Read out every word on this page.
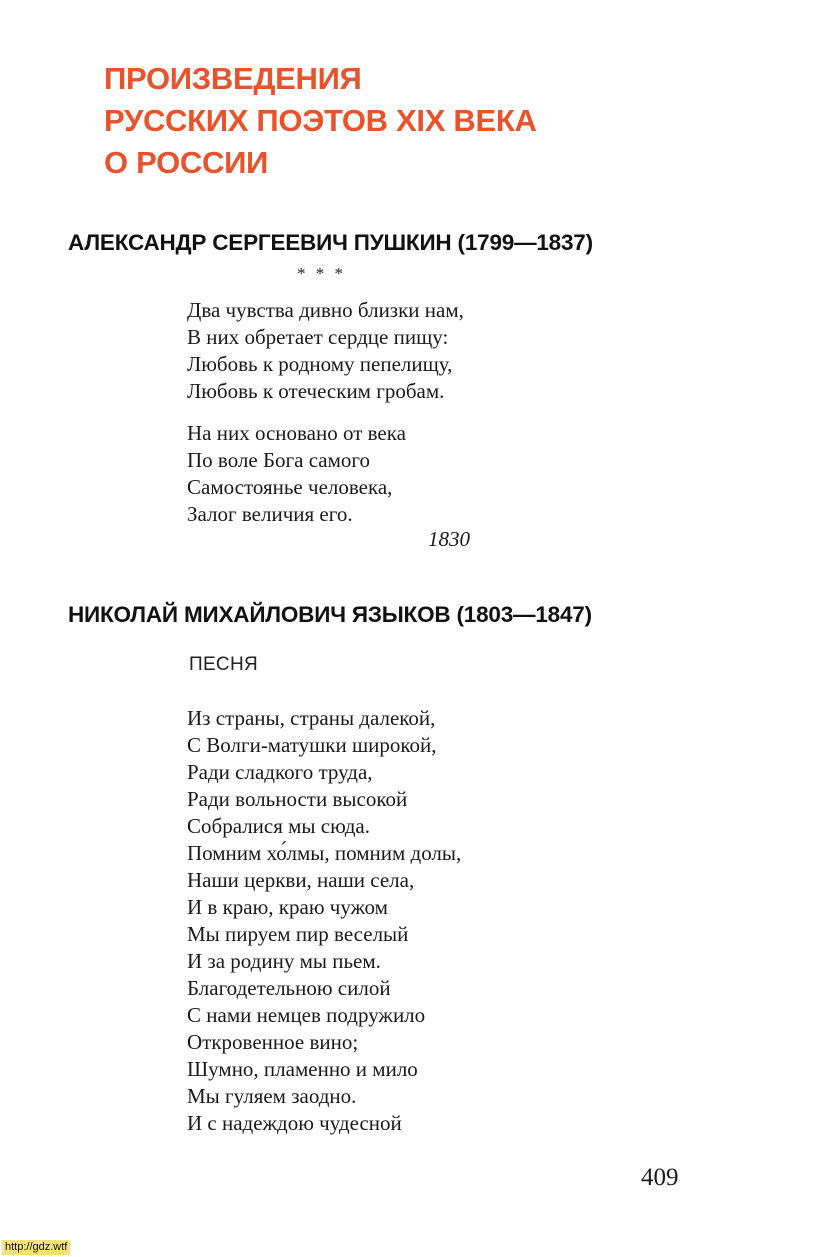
ПРОИЗВЕДЕНИЯ
РУССКИХ ПОЭТОВ XIX ВЕКА
О РОССИИ
АЛЕКСАНДР СЕРГЕЕВИЧ ПУШКИН (1799—1837)
* * *

Два чувства дивно близки нам,
В них обретает сердце пищу:
Любовь к родному пепелищу,
Любовь к отеческим гробам.

На них основано от века
По воле Бога самого
Самостоянье человека,
Залог величия его.

1830
НИКОЛАЙ МИХАЙЛОВИЧ ЯЗЫКОВ (1803—1847)
ПЕСНЯ

Из страны, страны далекой,
С Волги-матушки широкой,
Ради сладкого труда,
Ради вольности высокой
Собралися мы сюда.
Помним хо́лмы, помним долы,
Наши церкви, наши села,
И в краю, краю чужом
Мы пируем пир веселый
И за родину мы пьем.
Благодетельною силой
С нами немцев подружило
Откровенное вино;
Шумно, пламенно и мило
Мы гуляем заодно.
И с надеждою чудесной

409
http://gdz.wtf
